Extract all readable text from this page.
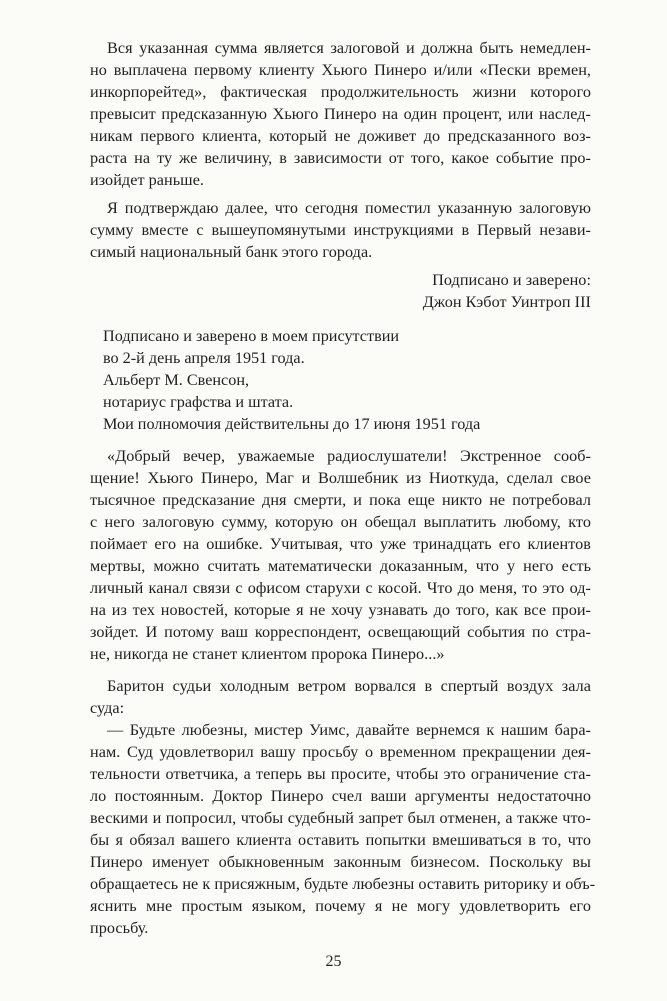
Вся указанная сумма является залоговой и должна быть немедлен-
но выплачена первому клиенту Хьюго Пинеро и/или «Пески времен,
инкорпорейтед», фактическая продолжительность жизни которого
превысит предсказанную Хьюго Пинеро на один процент, или наслед-
никам первого клиента, который не доживет до предсказанного воз-
раста на ту же величину, в зависимости от того, какое событие про-
изойдет раньше.
Я подтверждаю далее, что сегодня поместил указанную залоговую
сумму вместе с вышеупомянутыми инструкциями в Первый незави-
симый национальный банк этого города.
Подписано и заверено:
Джон Кэбот Уинтроп III
Подписано и заверено в моем присутствии
во 2-й день апреля 1951 года.
Альберт М. Свенсон,
нотариус графства и штата.
Мои полномочия действительны до 17 июня 1951 года
«Добрый вечер, уважаемые радиослушатели! Экстренное сооб-
щение! Хьюго Пинеро, Маг и Волшебник из Ниоткуда, сделал свое
тысячное предсказание дня смерти, и пока еще никто не потребовал
с него залоговую сумму, которую он обещал выплатить любому, кто
поймает его на ошибке. Учитывая, что уже тринадцать его клиентов
мертвы, можно считать математически доказанным, что у него есть
личный канал связи с офисом старухи с косой. Что до меня, то это од-
на из тех новостей, которые я не хочу узнавать до того, как все прои-
зойдет. И потому ваш корреспондент, освещающий события по стра-
не, никогда не станет клиентом пророка Пинеро...»
Баритон судьи холодным ветром ворвался в спертый воздух зала
суда:
— Будьте любезны, мистер Уимс, давайте вернемся к нашим бара-
нам. Суд удовлетворил вашу просьбу о временном прекращении дея-
тельности ответчика, а теперь вы просите, чтобы это ограничение ста-
ло постоянным. Доктор Пинеро счел ваши аргументы недостаточно
вескими и попросил, чтобы судебный запрет был отменен, а также что-
бы я обязал вашего клиента оставить попытки вмешиваться в то, что
Пинеро именует обыкновенным законным бизнесом. Поскольку вы
обращаетесь не к присяжным, будьте любезны оставить риторику и объ-
яснить мне простым языком, почему я не могу удовлетворить его
просьбу.
25
